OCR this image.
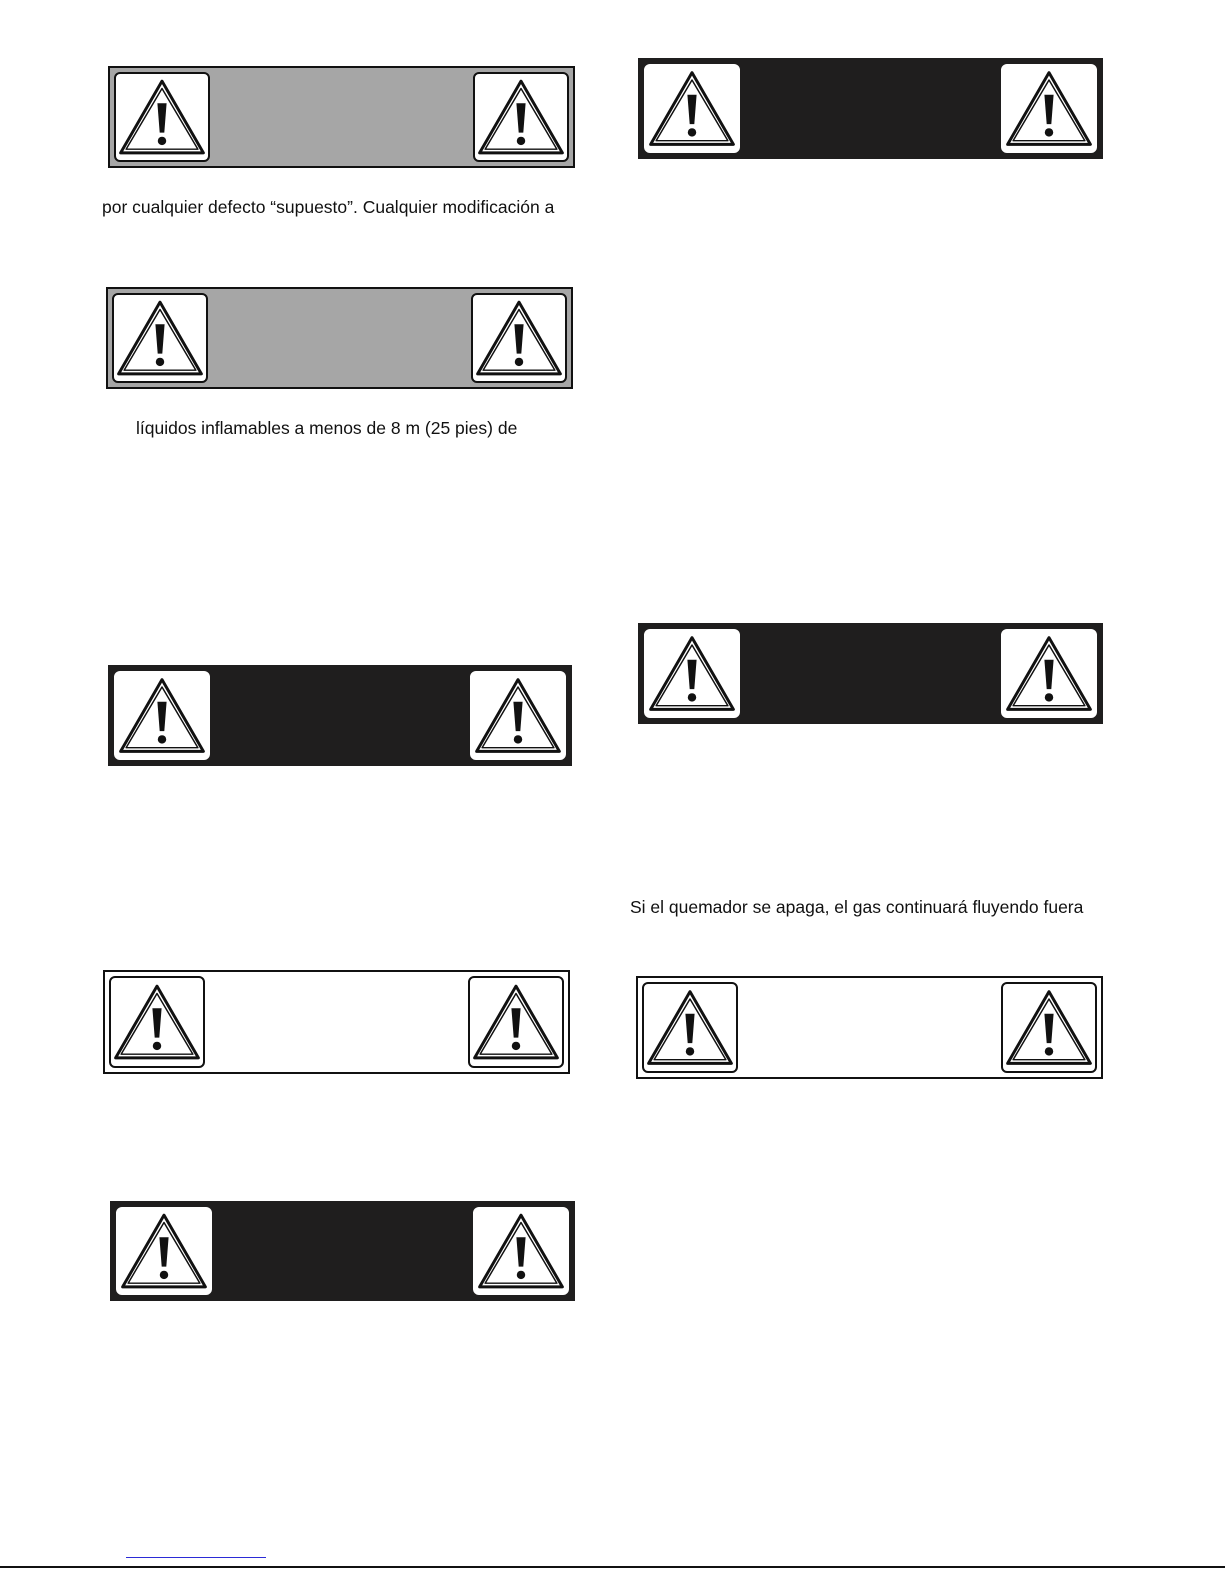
por cualquier defecto “supuesto”. Cualquier modificación a
líquidos inflamables a menos de 8 m (25 pies) de
Si el quemador se apaga, el gas continuará fluyendo fuera
